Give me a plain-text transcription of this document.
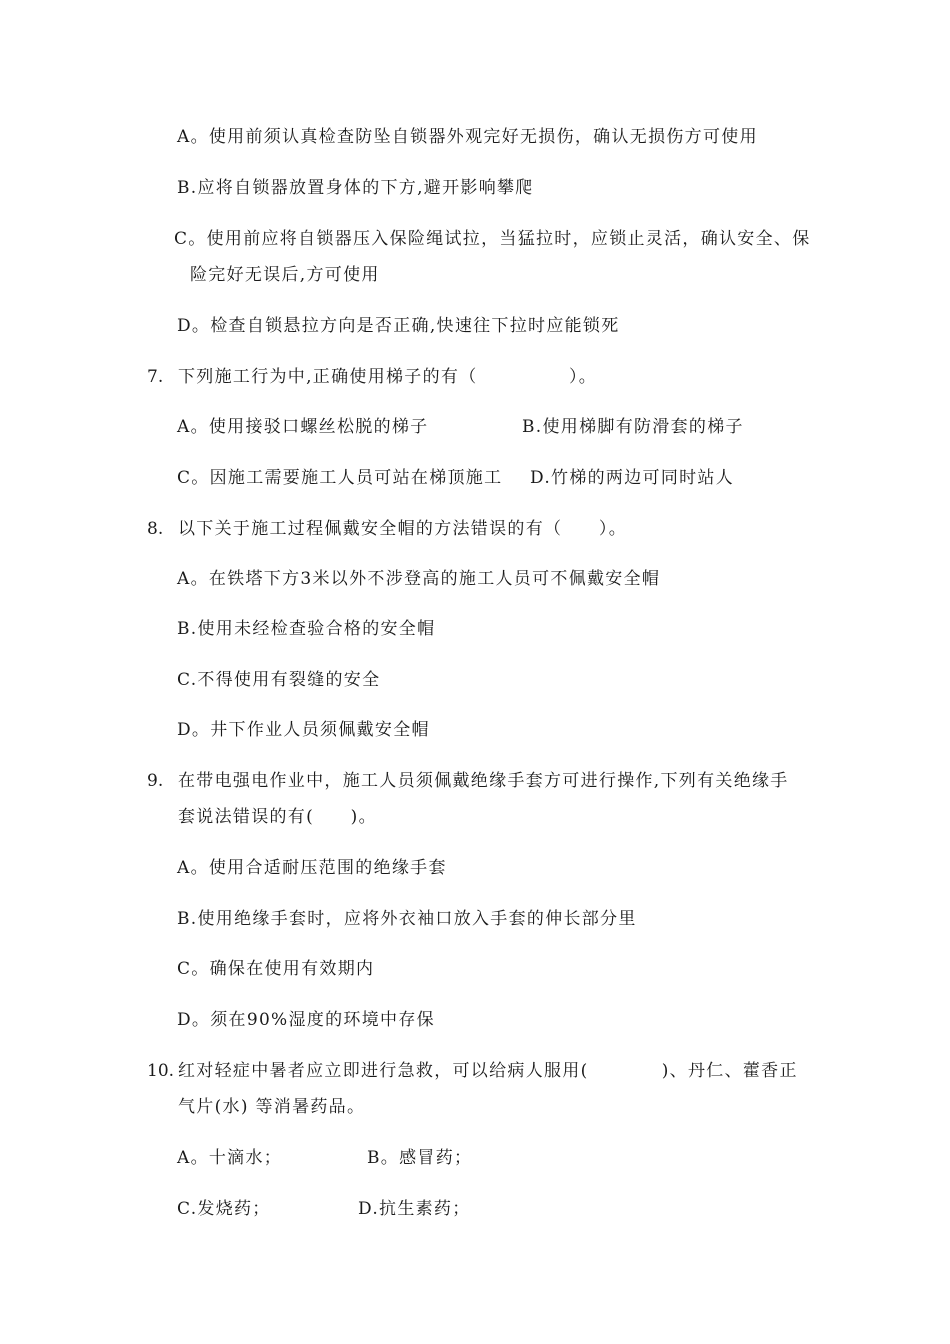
A。使用前须认真检查防坠自锁器外观完好无损伤，确认无损伤方可使用
B.应将自锁器放置身体的下方,避开影响攀爬
C。使用前应将自锁器压入保险绳试拉，当猛拉时，应锁止灵活，确认安全、保
险完好无误后,方可使用
D。检查自锁悬拉方向是否正确,快速往下拉时应能锁死
7. 下列施工行为中,正确使用梯子的有（　　　　　）。
A。使用接驳口螺丝松脱的梯子	B.使用梯脚有防滑套的梯子
C。因施工需要施工人员可站在梯顶施工 D.竹梯的两边可同时站人
8. 以下关于施工过程佩戴安全帽的方法错误的有（　　）。
A。在铁塔下方3米以外不涉登高的施工人员可不佩戴安全帽
B.使用未经检查验合格的安全帽
C.不得使用有裂缝的安全
D。井下作业人员须佩戴安全帽
9. 在带电强电作业中，施工人员须佩戴绝缘手套方可进行操作,下列有关绝缘手
套说法错误的有(　　)。
A。使用合适耐压范围的绝缘手套
B.使用绝缘手套时，应将外衣袖口放入手套的伸长部分里
C。确保在使用有效期内
D。须在90%湿度的环境中存保
10. 红对轻症中暑者应立即进行急救，可以给病人服用(　　　　)、丹仁、藿香正
气片(水) 等消暑药品。
A。十滴水；	B。感冒药；
C.发烧药；	D.抗生素药；
